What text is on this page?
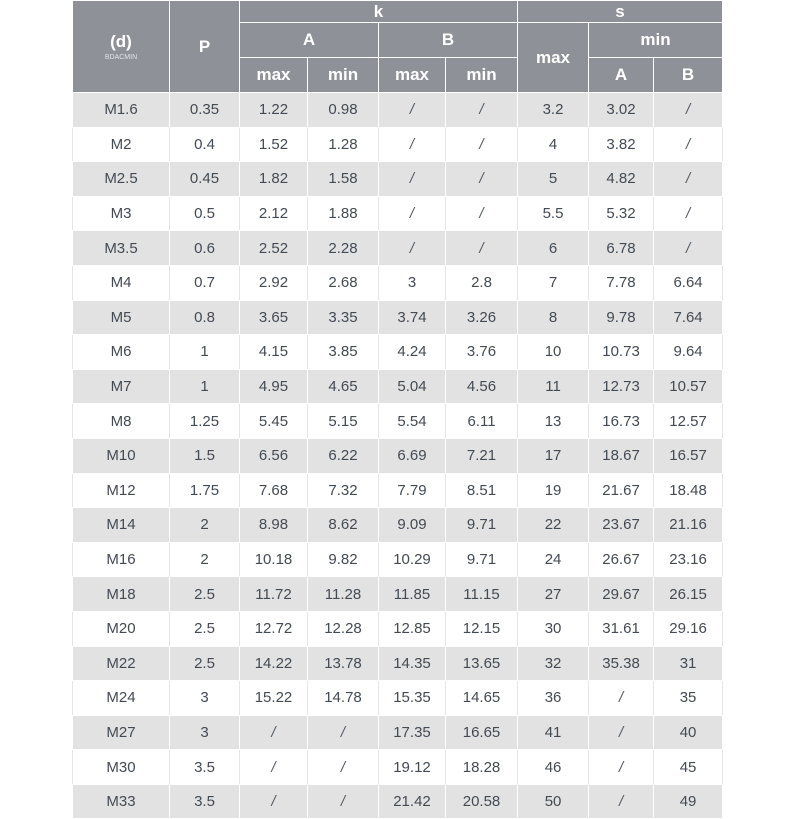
(d)
BDACMIN	P	k				s		
		A		B		max	min	
		max	min	max	min		A	B
M1.6	0.35	1.22	0.98	/	/	3.2	3.02	/
M2	0.4	1.52	1.28	/	/	4	3.82	/
M2.5	0.45	1.82	1.58	/	/	5	4.82	/
M3	0.5	2.12	1.88	/	/	5.5	5.32	/
M3.5	0.6	2.52	2.28	/	/	6	6.78	/
M4	0.7	2.92	2.68	3	2.8	7	7.78	6.64
M5	0.8	3.65	3.35	3.74	3.26	8	9.78	7.64
M6	1	4.15	3.85	4.24	3.76	10	10.73	9.64
M7	1	4.95	4.65	5.04	4.56	11	12.73	10.57
M8	1.25	5.45	5.15	5.54	6.11	13	16.73	12.57
M10	1.5	6.56	6.22	6.69	7.21	17	18.67	16.57
M12	1.75	7.68	7.32	7.79	8.51	19	21.67	18.48
M14	2	8.98	8.62	9.09	9.71	22	23.67	21.16
M16	2	10.18	9.82	10.29	9.71	24	26.67	23.16
M18	2.5	11.72	11.28	11.85	11.15	27	29.67	26.15
M20	2.5	12.72	12.28	12.85	12.15	30	31.61	29.16
M22	2.5	14.22	13.78	14.35	13.65	32	35.38	31
M24	3	15.22	14.78	15.35	14.65	36	/	35
M27	3	/	/	17.35	16.65	41	/	40
M30	3.5	/	/	19.12	18.28	46	/	45
M33	3.5	/	/	21.42	20.58	50	/	49
